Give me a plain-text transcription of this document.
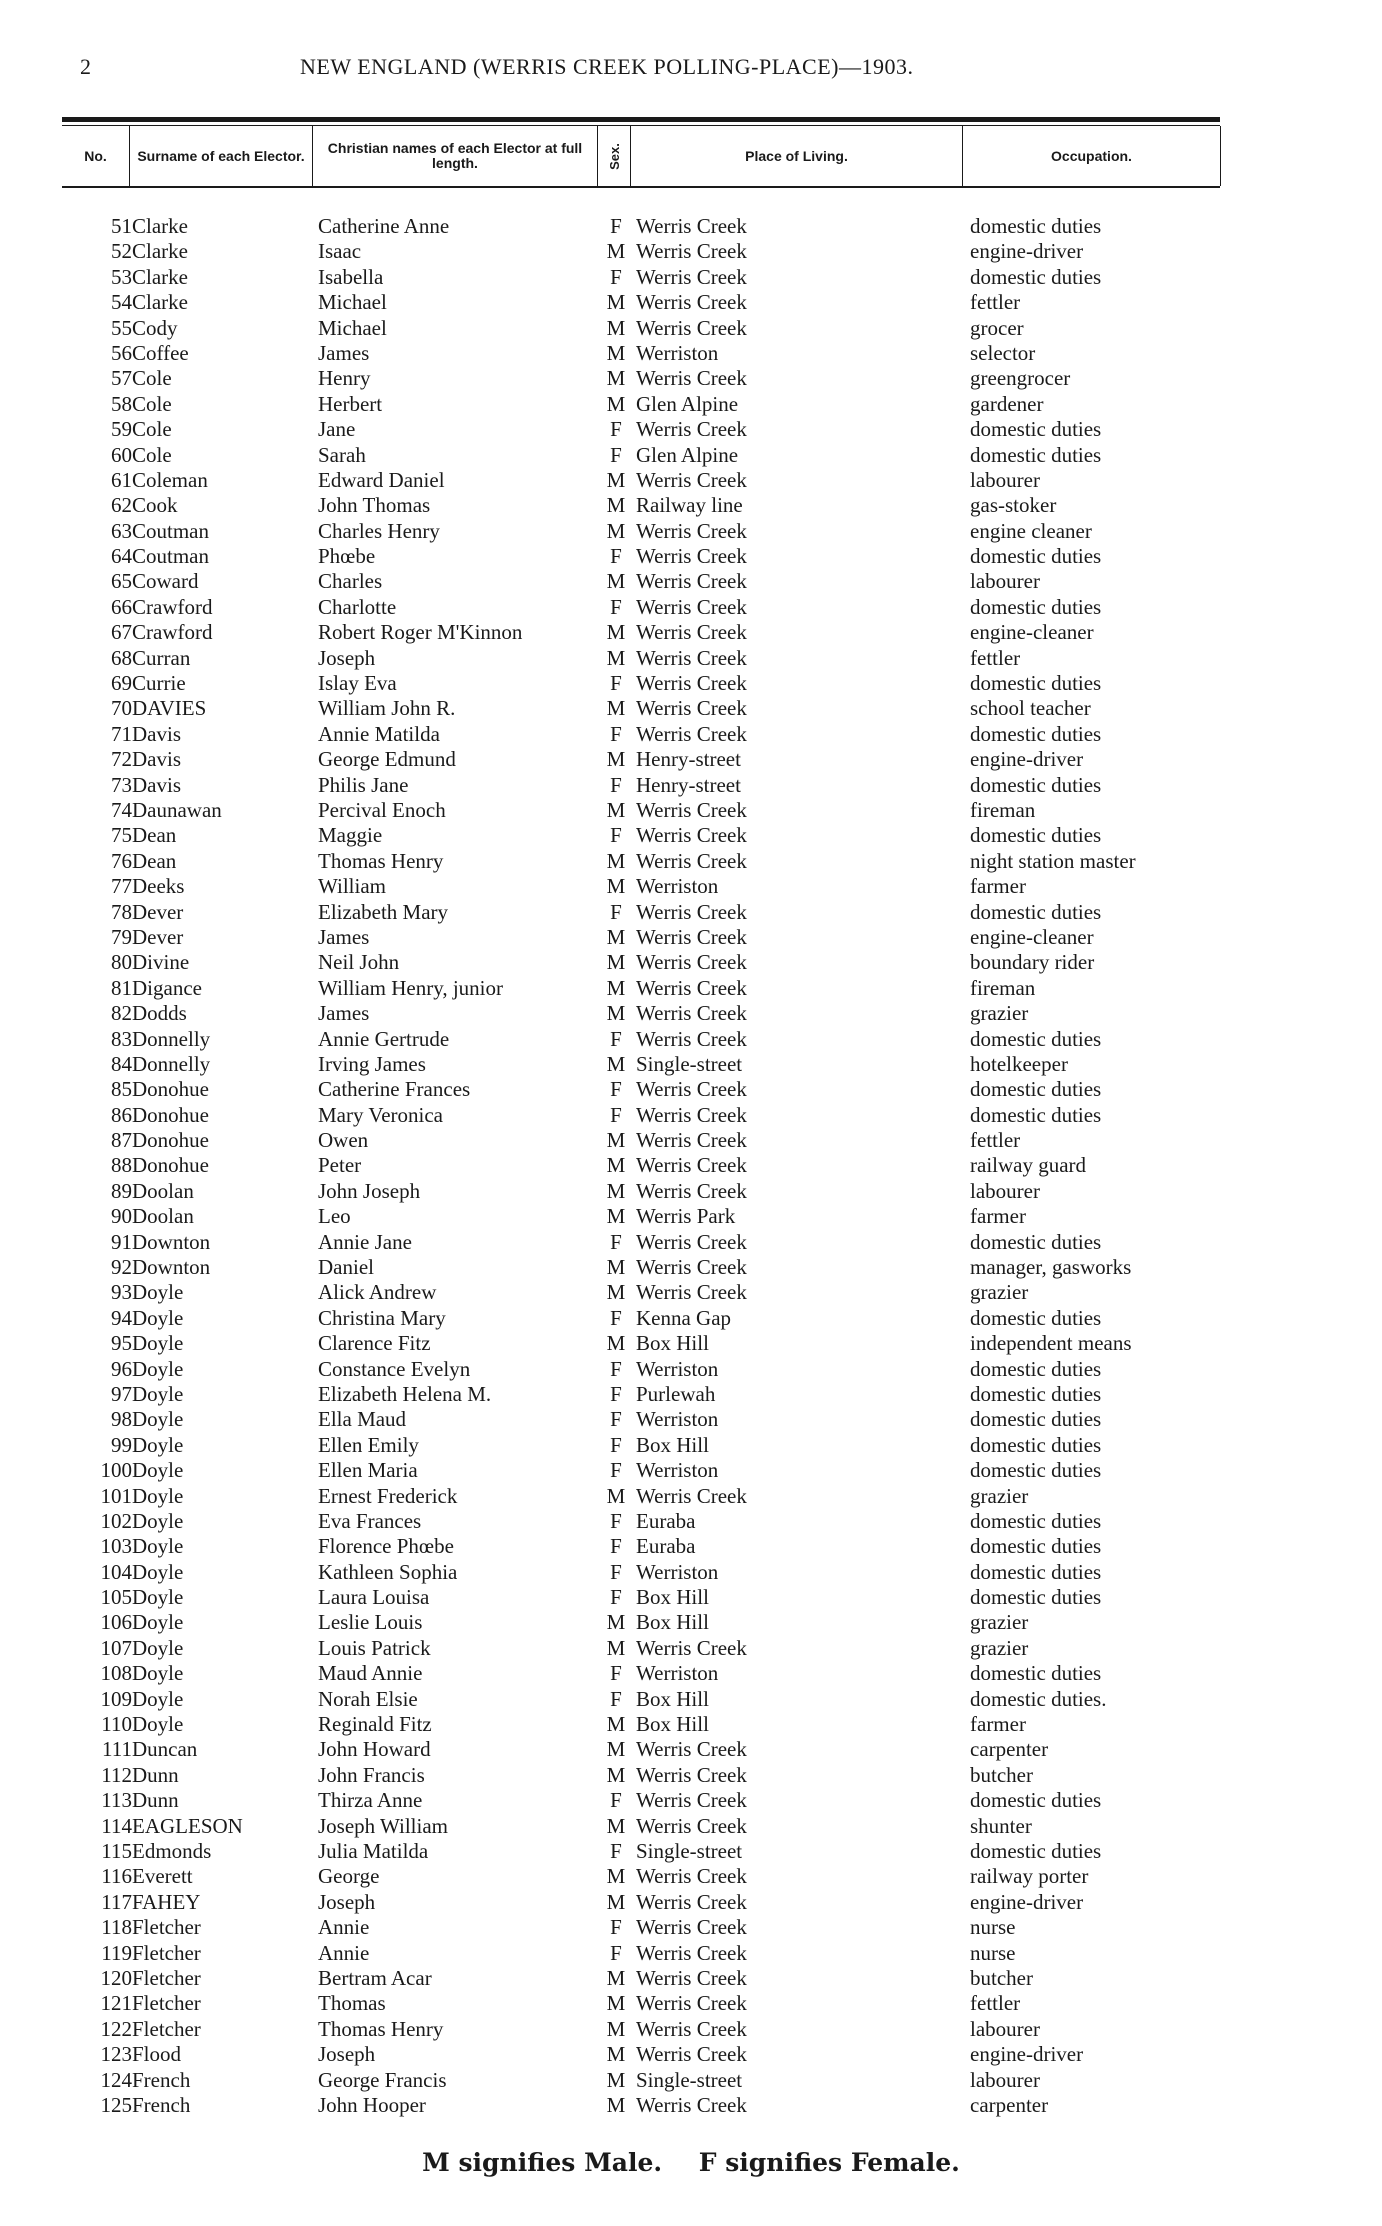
2	NEW ENGLAND (WERRIS CREEK POLLING-PLACE)—1903.
No.	Surname of each Elector.	Christian names of each Elector at full length.	Sex.	Place of Living.	Occupation.
51 Clarke	Catherine Anne	F Werris Creek	domestic duties
52 Clarke	Isaac	M Werris Creek	engine-driver
53 Clarke	Isabella	F Werris Creek	domestic duties
54 Clarke	Michael	M Werris Creek	fettler
55 Cody	Michael	M Werris Creek	grocer
56 Coffee	James	M Werriston	selector
57 Cole	Henry	M Werris Creek	greengrocer
58 Cole	Herbert	M Glen Alpine	gardener
59 Cole	Jane	F Werris Creek	domestic duties
60 Cole	Sarah	F Glen Alpine	domestic duties
61 Coleman	Edward Daniel	M Werris Creek	labourer
62 Cook	John Thomas	M Railway line	gas-stoker
63 Coutman	Charles Henry	M Werris Creek	engine cleaner
64 Coutman	Phœbe	F Werris Creek	domestic duties
65 Coward	Charles	M Werris Creek	labourer
66 Crawford	Charlotte	F Werris Creek	domestic duties
67 Crawford	Robert Roger M'Kinnon	M Werris Creek	engine-cleaner
68 Curran	Joseph	M Werris Creek	fettler
69 Currie	Islay Eva	F Werris Creek	domestic duties
70 DAVIES	William John R.	M Werris Creek	school teacher
71 Davis	Annie Matilda	F Werris Creek	domestic duties
72 Davis	George Edmund	M Henry-street	engine-driver
73 Davis	Philis Jane	F Henry-street	domestic duties
74 Daunawan	Percival Enoch	M Werris Creek	fireman
75 Dean	Maggie	F Werris Creek	domestic duties
76 Dean	Thomas Henry	M Werris Creek	night station master
77 Deeks	William	M Werriston	farmer
78 Dever	Elizabeth Mary	F Werris Creek	domestic duties
79 Dever	James	M Werris Creek	engine-cleaner
80 Divine	Neil John	M Werris Creek	boundary rider
81 Digance	William Henry, junior	M Werris Creek	fireman
82 Dodds	James	M Werris Creek	grazier
83 Donnelly	Annie Gertrude	F Werris Creek	domestic duties
84 Donnelly	Irving James	M Single-street	hotelkeeper
85 Donohue	Catherine Frances	F Werris Creek	domestic duties
86 Donohue	Mary Veronica	F Werris Creek	domestic duties
87 Donohue	Owen	M Werris Creek	fettler
88 Donohue	Peter	M Werris Creek	railway guard
89 Doolan	John Joseph	M Werris Creek	labourer
90 Doolan	Leo	M Werris Park	farmer
91 Downton	Annie Jane	F Werris Creek	domestic duties
92 Downton	Daniel	M Werris Creek	manager, gasworks
93 Doyle	Alick Andrew	M Werris Creek	grazier
94 Doyle	Christina Mary	F Kenna Gap	domestic duties
95 Doyle	Clarence Fitz	M Box Hill	independent means
96 Doyle	Constance Evelyn	F Werriston	domestic duties
97 Doyle	Elizabeth Helena M.	F Purlewah	domestic duties
98 Doyle	Ella Maud	F Werriston	domestic duties
99 Doyle	Ellen Emily	F Box Hill	domestic duties
100 Doyle	Ellen Maria	F Werriston	domestic duties
101 Doyle	Ernest Frederick	M Werris Creek	grazier
102 Doyle	Eva Frances	F Euraba	domestic duties
103 Doyle	Florence Phœbe	F Euraba	domestic duties
104 Doyle	Kathleen Sophia	F Werriston	domestic duties
105 Doyle	Laura Louisa	F Box Hill	domestic duties
106 Doyle	Leslie Louis	M Box Hill	grazier
107 Doyle	Louis Patrick	M Werris Creek	grazier
108 Doyle	Maud Annie	F Werriston	domestic duties
109 Doyle	Norah Elsie	F Box Hill	domestic duties.
110 Doyle	Reginald Fitz	M Box Hill	farmer
111 Duncan	John Howard	M Werris Creek	carpenter
112 Dunn	John Francis	M Werris Creek	butcher
113 Dunn	Thirza Anne	F Werris Creek	domestic duties
114 EAGLESON	Joseph William	M Werris Creek	shunter
115 Edmonds	Julia Matilda	F Single-street	domestic duties
116 Everett	George	M Werris Creek	railway porter
117 FAHEY	Joseph	M Werris Creek	engine-driver
118 Fletcher	Annie	F Werris Creek	nurse
119 Fletcher	Annie	F Werris Creek	nurse
120 Fletcher	Bertram Acar	M Werris Creek	butcher
121 Fletcher	Thomas	M Werris Creek	fettler
122 Fletcher	Thomas Henry	M Werris Creek	labourer
123 Flood	Joseph	M Werris Creek	engine-driver
124 French	George Francis	M Single-street	labourer
125 French	John Hooper	M Werris Creek	carpenter
M signifies Male. F signifies Female.
